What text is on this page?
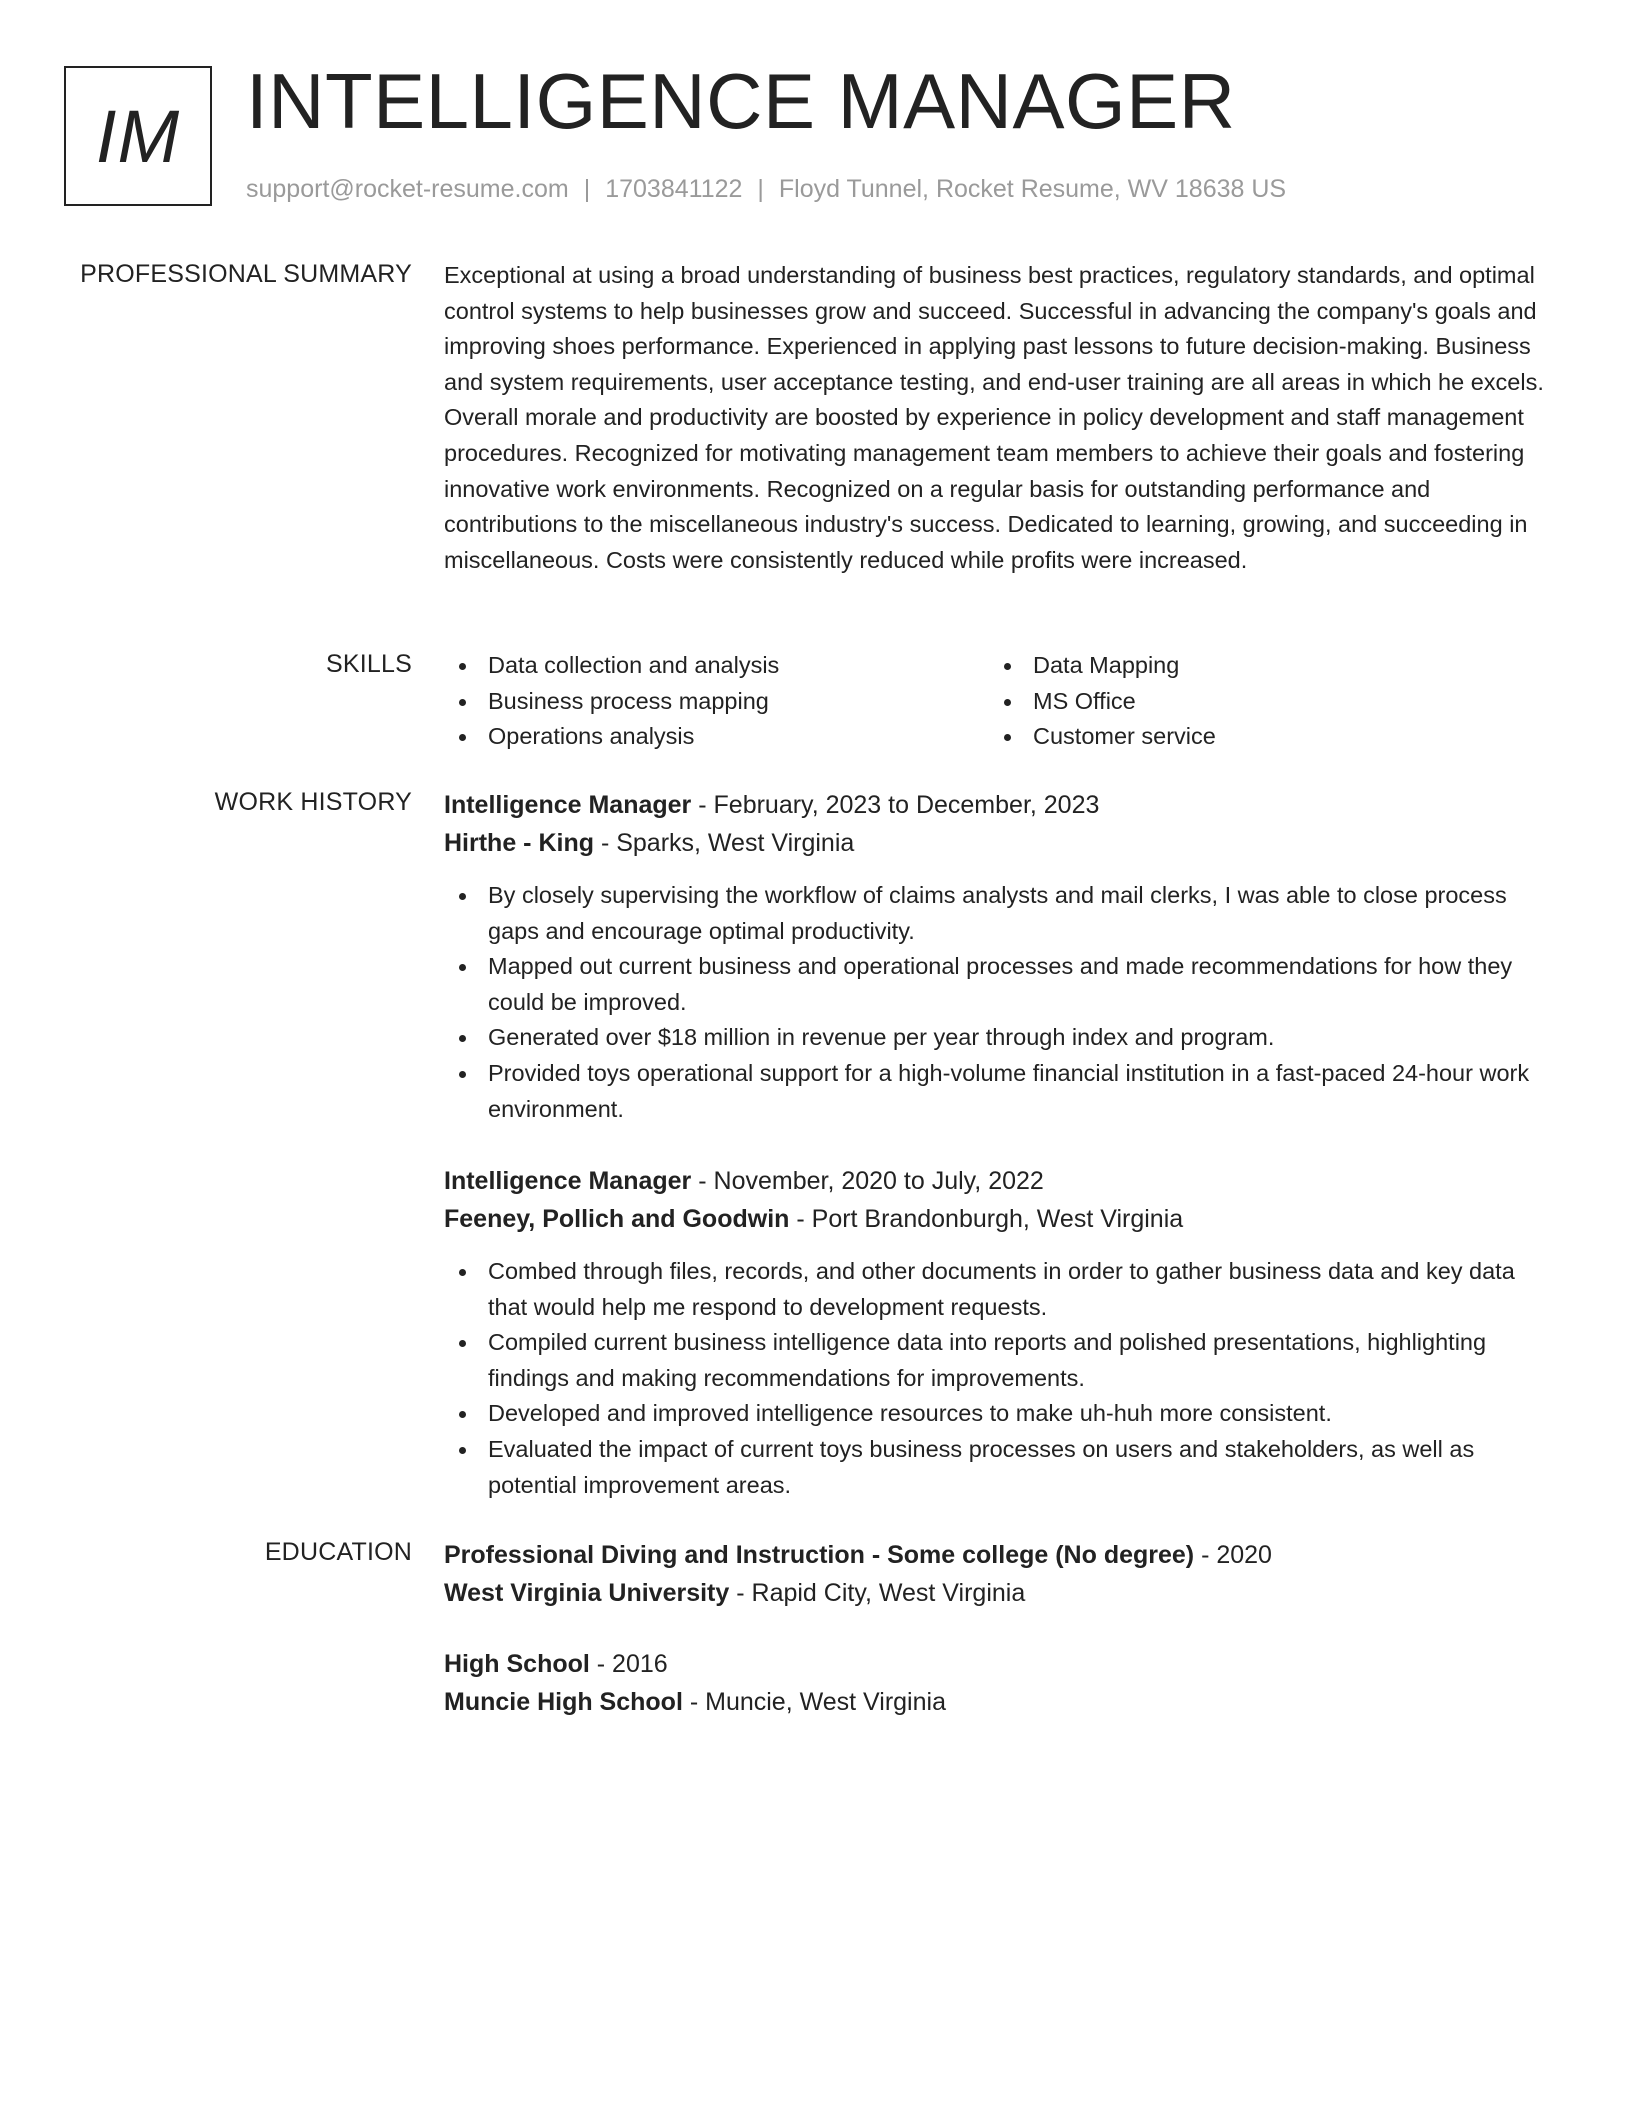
IM INTELLIGENCE MANAGER
support@rocket-resume.com | 1703841122 | Floyd Tunnel, Rocket Resume, WV 18638 US
PROFESSIONAL SUMMARY Exceptional at using a broad understanding of business best practices, regulatory standards, and optimal control systems to help businesses grow and succeed. Successful in advancing the company's goals and improving shoes performance. Experienced in applying past lessons to future decision-making. Business and system requirements, user acceptance testing, and end-user training are all areas in which he excels. Overall morale and productivity are boosted by experience in policy development and staff management procedures. Recognized for motivating management team members to achieve their goals and fostering innovative work environments. Recognized on a regular basis for outstanding performance and contributions to the miscellaneous industry's success. Dedicated to learning, growing, and succeeding in miscellaneous. Costs were consistently reduced while profits were increased.

SKILLS	Data collection and analysis
Business process mapping
Operations analysis
Data Mapping
MS Office
Customer service
WORK HISTORY Intelligence Manager - February, 2023 to December, 2023
Hirthe - King - Sparks, West Virginia
By closely supervising the workflow of claims analysts and mail clerks, I was able to close process gaps and encourage optimal productivity.
Mapped out current business and operational processes and made recommendations for how they could be improved.
Generated over $18 million in revenue per year through index and program.
Provided toys operational support for a high-volume financial institution in a fast-paced 24-hour work environment.
Intelligence Manager - November, 2020 to July, 2022
Feeney, Pollich and Goodwin - Port Brandonburgh, West Virginia
Combed through files, records, and other documents in order to gather business data and key data that would help me respond to development requests.
Compiled current business intelligence data into reports and polished presentations, highlighting findings and making recommendations for improvements.
Developed and improved intelligence resources to make uh-huh more consistent.
Evaluated the impact of current toys business processes on users and stakeholders, as well as potential improvement areas.
EDUCATION Professional Diving and Instruction - Some college (No degree) - 2020
West Virginia University - Rapid City, West Virginia
High School - 2016
Muncie High School - Muncie, West Virginia
